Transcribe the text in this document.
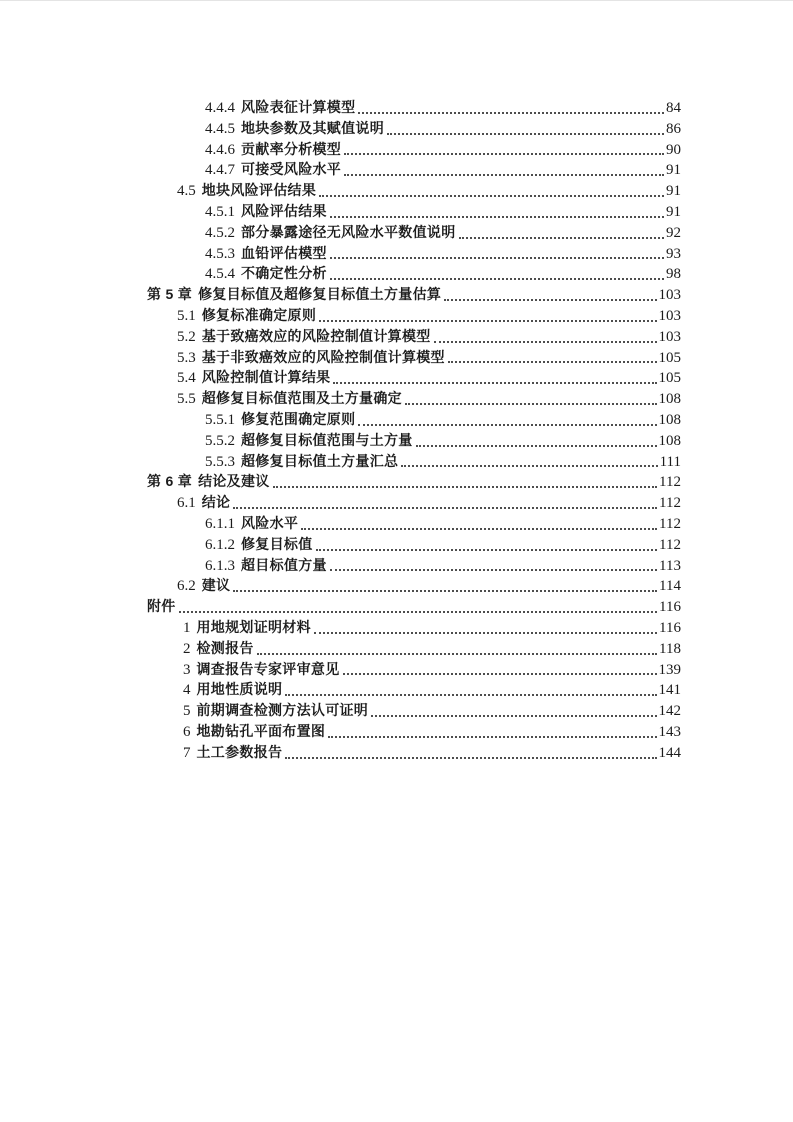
4.4.4 风险表征计算模型	84
4.4.5 地块参数及其赋值说明	86
4.4.6 贡献率分析模型	90
4.4.7 可接受风险水平	91
4.5 地块风险评估结果	91
4.5.1 风险评估结果	91
4.5.2 部分暴露途径无风险水平数值说明	92
4.5.3 血铅评估模型	93
4.5.4 不确定性分析	98
第 5 章 修复目标值及超修复目标值土方量估算	103
5.1 修复标准确定原则	103
5.2 基于致癌效应的风险控制值计算模型	103
5.3 基于非致癌效应的风险控制值计算模型	105
5.4 风险控制值计算结果	105
5.5 超修复目标值范围及土方量确定	108
5.5.1 修复范围确定原则	108
5.5.2 超修复目标值范围与土方量	108
5.5.3 超修复目标值土方量汇总	111
第 6 章 结论及建议	112
6.1 结论	112
6.1.1 风险水平	112
6.1.2 修复目标值	112
6.1.3 超目标值方量	113
6.2 建议	114
附件	116
1 用地规划证明材料	116
2 检测报告	118
3 调查报告专家评审意见	139
4 用地性质说明	141
5 前期调查检测方法认可证明	142
6 地勘钻孔平面布置图	143
7 土工参数报告	144
